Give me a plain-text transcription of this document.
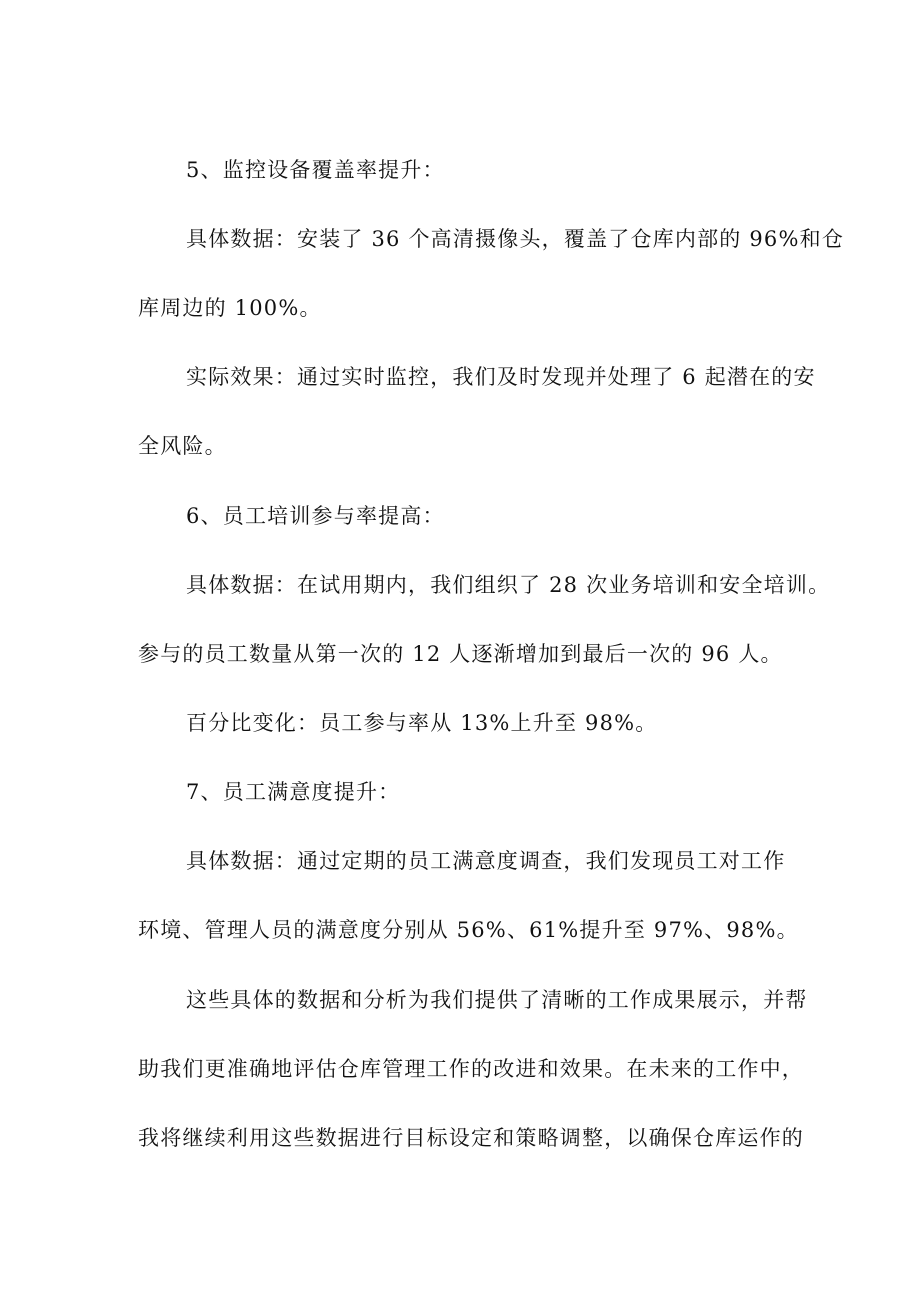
5、监控设备覆盖率提升：
具体数据：安装了 36 个高清摄像头，覆盖了仓库内部的 96%和仓
库周边的 100%。
实际效果：通过实时监控，我们及时发现并处理了 6 起潜在的安
全风险。
6、员工培训参与率提高：
具体数据：在试用期内，我们组织了 28 次业务培训和安全培训。
参与的员工数量从第一次的 12 人逐渐增加到最后一次的 96 人。
百分比变化：员工参与率从 13%上升至 98%。
7、员工满意度提升：
具体数据：通过定期的员工满意度调查，我们发现员工对工作
环境、管理人员的满意度分别从 56%、61%提升至 97%、98%。
这些具体的数据和分析为我们提供了清晰的工作成果展示，并帮
助我们更准确地评估仓库管理工作的改进和效果。在未来的工作中，
我将继续利用这些数据进行目标设定和策略调整，以确保仓库运作的
